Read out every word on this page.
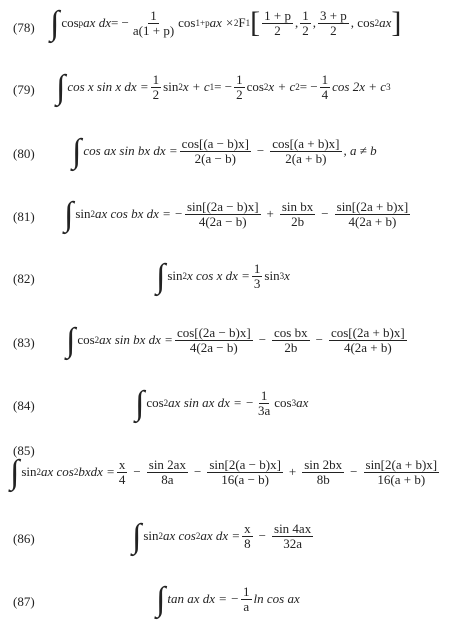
(78)
(79)
(80)
(81)
(82)
(83)
(84)
(85)
(86)
(87)
∫ cos p ax dx = − $\frac{1}{a(1 + p)}$ cos 1+p ax × 2 F 1 [ $\frac{1 + p}{2}$ , $\frac{1}{2}$ , $\frac{3 + p}{2}$ , cos 2 ax ]
∫ cos x sin x dx = $\frac{1}{2}$ sin 2 x + c 1 = − $\frac{1}{2}$ cos 2 x + c 2 = − $\frac{1}{4}$ cos 2x + c 3
∫ cos ax sin bx dx = $\frac{\cos[(a - b)x]}{2(a - b)} - \frac{\cos[(a + b)x]}{2(a + b)}$ , a ≠ b
∫ sin 2 ax cos bx dx = − $\frac{\sin[(2a - b)x]}{4(2a - b)} + \frac{\text{sin bx}}{2b} - \frac{\sin[(2a + b)x]}{4(2a + b)}$
∫ sin 2 x cos x dx = $\frac{1}{3}$ sin 3 x
∫ cos 2 ax sin bx dx = $\frac{\cos[(2a - b)x]}{4(2a - b)} - \frac{\text{cos bx}}{2b} - \frac{\cos[(2a + b)x]}{4(2a + b)}$
∫ cos 2 ax sin ax dx = − $\frac{1}{3a}$ cos 3 ax
∫ sin 2 ax cos 2 bxdx = $\frac{x}{4} - \frac{\sin 2ax}{8a} - \frac{\sin[2(a - b)x]}{16(a - b)} + \frac{\sin 2bx}{8b} - \frac{\sin[2(a + b)x]}{16(a + b)}$
∫ sin 2 ax cos 2 ax dx = $\frac{x}{8} - \frac{\sin 4ax}{32a}$
∫ tan ax dx = − $\frac{1}{a}$ ln cos ax
